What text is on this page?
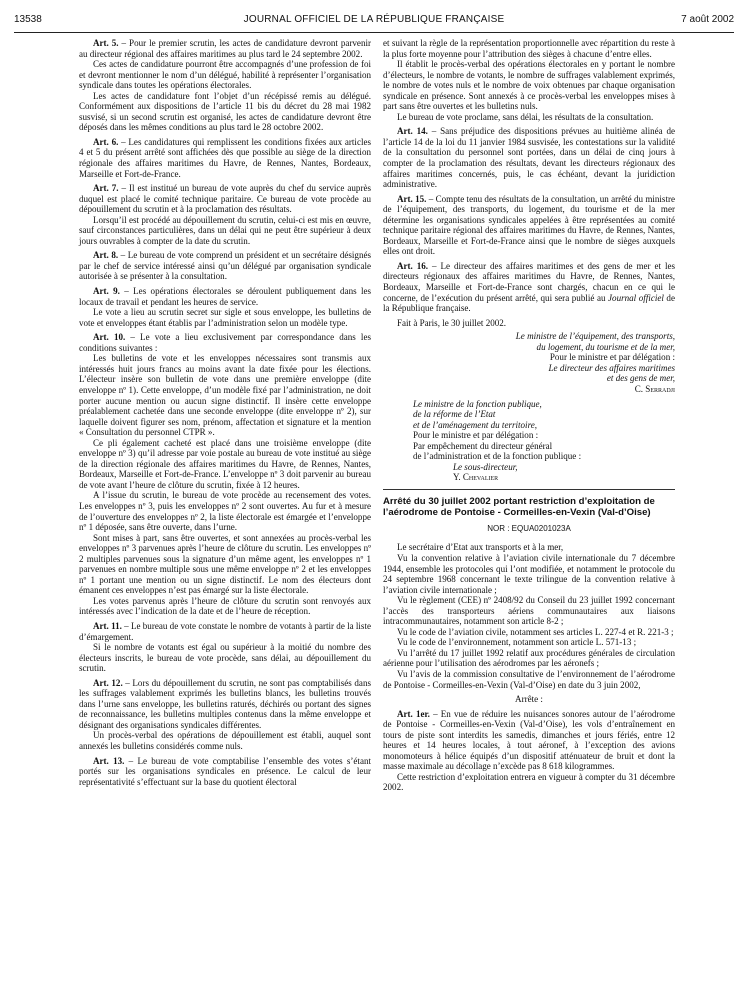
13538	JOURNAL OFFICIEL DE LA RÉPUBLIQUE FRANÇAISE	7 août 2002

Art. 5. – Pour le premier scrutin, les actes de candidature devront parvenir au directeur régional des affaires maritimes au plus tard le 24 septembre 2002.

Ces actes de candidature pourront être accompagnés d’une profession de foi et devront mentionner le nom d’un délégué, habilité à représenter l’organisation syndicale dans toutes les opérations électorales.

Les actes de candidature font l’objet d’un récépissé remis au délégué. Conformément aux dispositions de l’article 11 bis du décret du 28 mai 1982 susvisé, si un second scrutin est organisé, les actes de candidature devront être déposés dans les mêmes conditions au plus tard le 28 octobre 2002.

Art. 6. – Les candidatures qui remplissent les conditions fixées aux articles 4 et 5 du présent arrêté sont affichées dès que possible au siège de la direction régionale des affaires maritimes du Havre, de Rennes, Nantes, Bordeaux, Marseille et Fort-de-France.

Art. 7. – Il est institué un bureau de vote auprès du chef du service auprès duquel est placé le comité technique paritaire. Ce bureau de vote procède au dépouillement du scrutin et à la proclamation des résultats.

Lorsqu’il est procédé au dépouillement du scrutin, celui-ci est mis en œuvre, sauf circonstances particulières, dans un délai qui ne peut être supérieur à deux jours ouvrables à compter de la date du scrutin.

Art. 8. – Le bureau de vote comprend un président et un secrétaire désignés par le chef de service intéressé ainsi qu’un délégué par organisation syndicale autorisée à se présenter à la consultation.

Art. 9. – Les opérations électorales se déroulent publiquement dans les locaux de travail et pendant les heures de service.

Le vote a lieu au scrutin secret sur sigle et sous enveloppe, les bulletins de vote et enveloppes étant établis par l’administration selon un modèle type.

Art. 10. – Le vote a lieu exclusivement par correspondance dans les conditions suivantes :

Les bulletins de vote et les enveloppes nécessaires sont transmis aux intéressés huit jours francs au moins avant la date fixée pour les élections. L’électeur insère son bulletin de vote dans une première enveloppe (dite enveloppe nº 1). Cette enveloppe, d’un modèle fixé par l’administration, ne doit porter aucune mention ou aucun signe distinctif. Il insère cette enveloppe préalablement cachetée dans une seconde enveloppe (dite enveloppe nº 2), sur laquelle doivent figurer ses nom, prénom, affectation et signature et la mention « Consultation du personnel CTPR ».

Ce pli également cacheté est placé dans une troisième enveloppe (dite enveloppe nº 3) qu’il adresse par voie postale au bureau de vote institué au siège de la direction régionale des affaires maritimes du Havre, de Rennes, Nantes, Bordeaux, Marseille et Fort-de-France. L’enveloppe nº 3 doit parvenir au bureau de vote avant l’heure de clôture du scrutin, fixée à 12 heures.

A l’issue du scrutin, le bureau de vote procède au recensement des votes. Les enveloppes nº 3, puis les enveloppes nº 2 sont ouvertes. Au fur et à mesure de l’ouverture des enveloppes nº 2, la liste électorale est émargée et l’enveloppe nº 1 déposée, sans être ouverte, dans l’urne.

Sont mises à part, sans être ouvertes, et sont annexées au procès-verbal les enveloppes nº 3 parvenues après l’heure de clôture du scrutin. Les enveloppes nº 2 multiples parvenues sous la signature d’un même agent, les enveloppes nº 1 parvenues en nombre multiple sous une même enveloppe nº 2 et les enveloppes nº 1 portant une mention ou un signe distinctif. Le nom des électeurs dont émanent ces enveloppes n’est pas émargé sur la liste électorale.

Les votes parvenus après l’heure de clôture du scrutin sont renvoyés aux intéressés avec l’indication de la date et de l’heure de réception.

Art. 11. – Le bureau de vote constate le nombre de votants à partir de la liste d’émargement.

Si le nombre de votants est égal ou supérieur à la moitié du nombre des électeurs inscrits, le bureau de vote procède, sans délai, au dépouillement du scrutin.

Art. 12. – Lors du dépouillement du scrutin, ne sont pas comptabilisés dans les suffrages valablement exprimés les bulletins blancs, les bulletins trouvés dans l’urne sans enveloppe, les bulletins raturés, déchirés ou portant des signes de reconnaissance, les bulletins multiples contenus dans la même enveloppe et désignant des organisations syndicales différentes.

Un procès-verbal des opérations de dépouillement est établi, auquel sont annexés les bulletins considérés comme nuls.

Art. 13. – Le bureau de vote comptabilise l’ensemble des votes s’étant portés sur les organisations syndicales en présence. Le calcul de leur représentativité s’effectuant sur la base du quotient électoral

et suivant la règle de la représentation proportionnelle avec répartition du reste à la plus forte moyenne pour l’attribution des sièges à chacune d’entre elles.

Il établit le procès-verbal des opérations électorales en y portant le nombre d’électeurs, le nombre de votants, le nombre de suffrages valablement exprimés, le nombre de votes nuls et le nombre de voix obtenues par chaque organisation syndicale en présence. Sont annexés à ce procès-verbal les enveloppes mises à part sans être ouvertes et les bulletins nuls.

Le bureau de vote proclame, sans délai, les résultats de la consultation.

Art. 14. – Sans préjudice des dispositions prévues au huitième alinéa de l’article 14 de la loi du 11 janvier 1984 susvisée, les contestations sur la validité de la consultation du personnel sont portées, dans un délai de cinq jours à compter de la proclamation des résultats, devant les directeurs régionaux des affaires maritimes concernés, puis, le cas échéant, devant la juridiction administrative.

Art. 15. – Compte tenu des résultats de la consultation, un arrêté du ministre de l’équipement, des transports, du logement, du tourisme et de la mer détermine les organisations syndicales appelées à être représentées au comité technique paritaire régional des affaires maritimes du Havre, de Rennes, Nantes, Bordeaux, Marseille et Fort-de-France ainsi que le nombre de sièges auxquels elles ont droit.

Art. 16. – Le directeur des affaires maritimes et des gens de mer et les directeurs régionaux des affaires maritimes du Havre, de Rennes, Nantes, Bordeaux, Marseille et Fort-de-France sont chargés, chacun en ce qui le concerne, de l’exécution du présent arrêté, qui sera publié au Journal officiel de la République française.

Fait à Paris, le 30 juillet 2002.

Le ministre de l’équipement, des transports,

du logement, du tourisme et de la mer,

Pour le ministre et par délégation :

Le directeur des affaires maritimes

et des gens de mer,

C. Serradji

Le ministre de la fonction publique,

de la réforme de l’Etat

et de l’aménagement du territoire,

Pour le ministre et par délégation :

Par empêchement du directeur général

de l’administration et de la fonction publique :

Le sous-directeur,

Y. Chevalier

Arrêté du 30 juillet 2002 portant restriction d’exploitation de l’aérodrome de Pontoise - Cormeilles-en-Vexin (Val-d’Oise)

NOR : EQUA0201023A

Le secrétaire d’Etat aux transports et à la mer,

Vu la convention relative à l’aviation civile internationale du 7 décembre 1944, ensemble les protocoles qui l’ont modifiée, et notamment le protocole du 24 septembre 1968 concernant le texte trilingue de la convention relative à l’aviation civile internationale ;

Vu le règlement (CEE) nº 2408/92 du Conseil du 23 juillet 1992 concernant l’accès des transporteurs aériens communautaires aux liaisons intracommunautaires, notamment son article 8-2 ;

Vu le code de l’aviation civile, notamment ses articles L. 227-4 et R. 221-3 ;

Vu le code de l’environnement, notamment son article L. 571-13 ;

Vu l’arrêté du 17 juillet 1992 relatif aux procédures générales de circulation aérienne pour l’utilisation des aérodromes par les aéronefs ;

Vu l’avis de la commission consultative de l’environnement de l’aérodrome de Pontoise - Cormeilles-en-Vexin (Val-d’Oise) en date du 3 juin 2002,

Arrête :

Art. 1er. – En vue de réduire les nuisances sonores autour de l’aérodrome de Pontoise - Cormeilles-en-Vexin (Val-d’Oise), les vols d’entraînement en tours de piste sont interdits les samedis, dimanches et jours fériés, entre 12 heures et 14 heures locales, à tout aéronef, à l’exception des avions monomoteurs à hélice équipés d’un dispositif atténuateur de bruit et dont la masse maximale au décollage n’excède pas 8 618 kilogrammes.

Cette restriction d’exploitation entrera en vigueur à compter du 31 décembre 2002.
